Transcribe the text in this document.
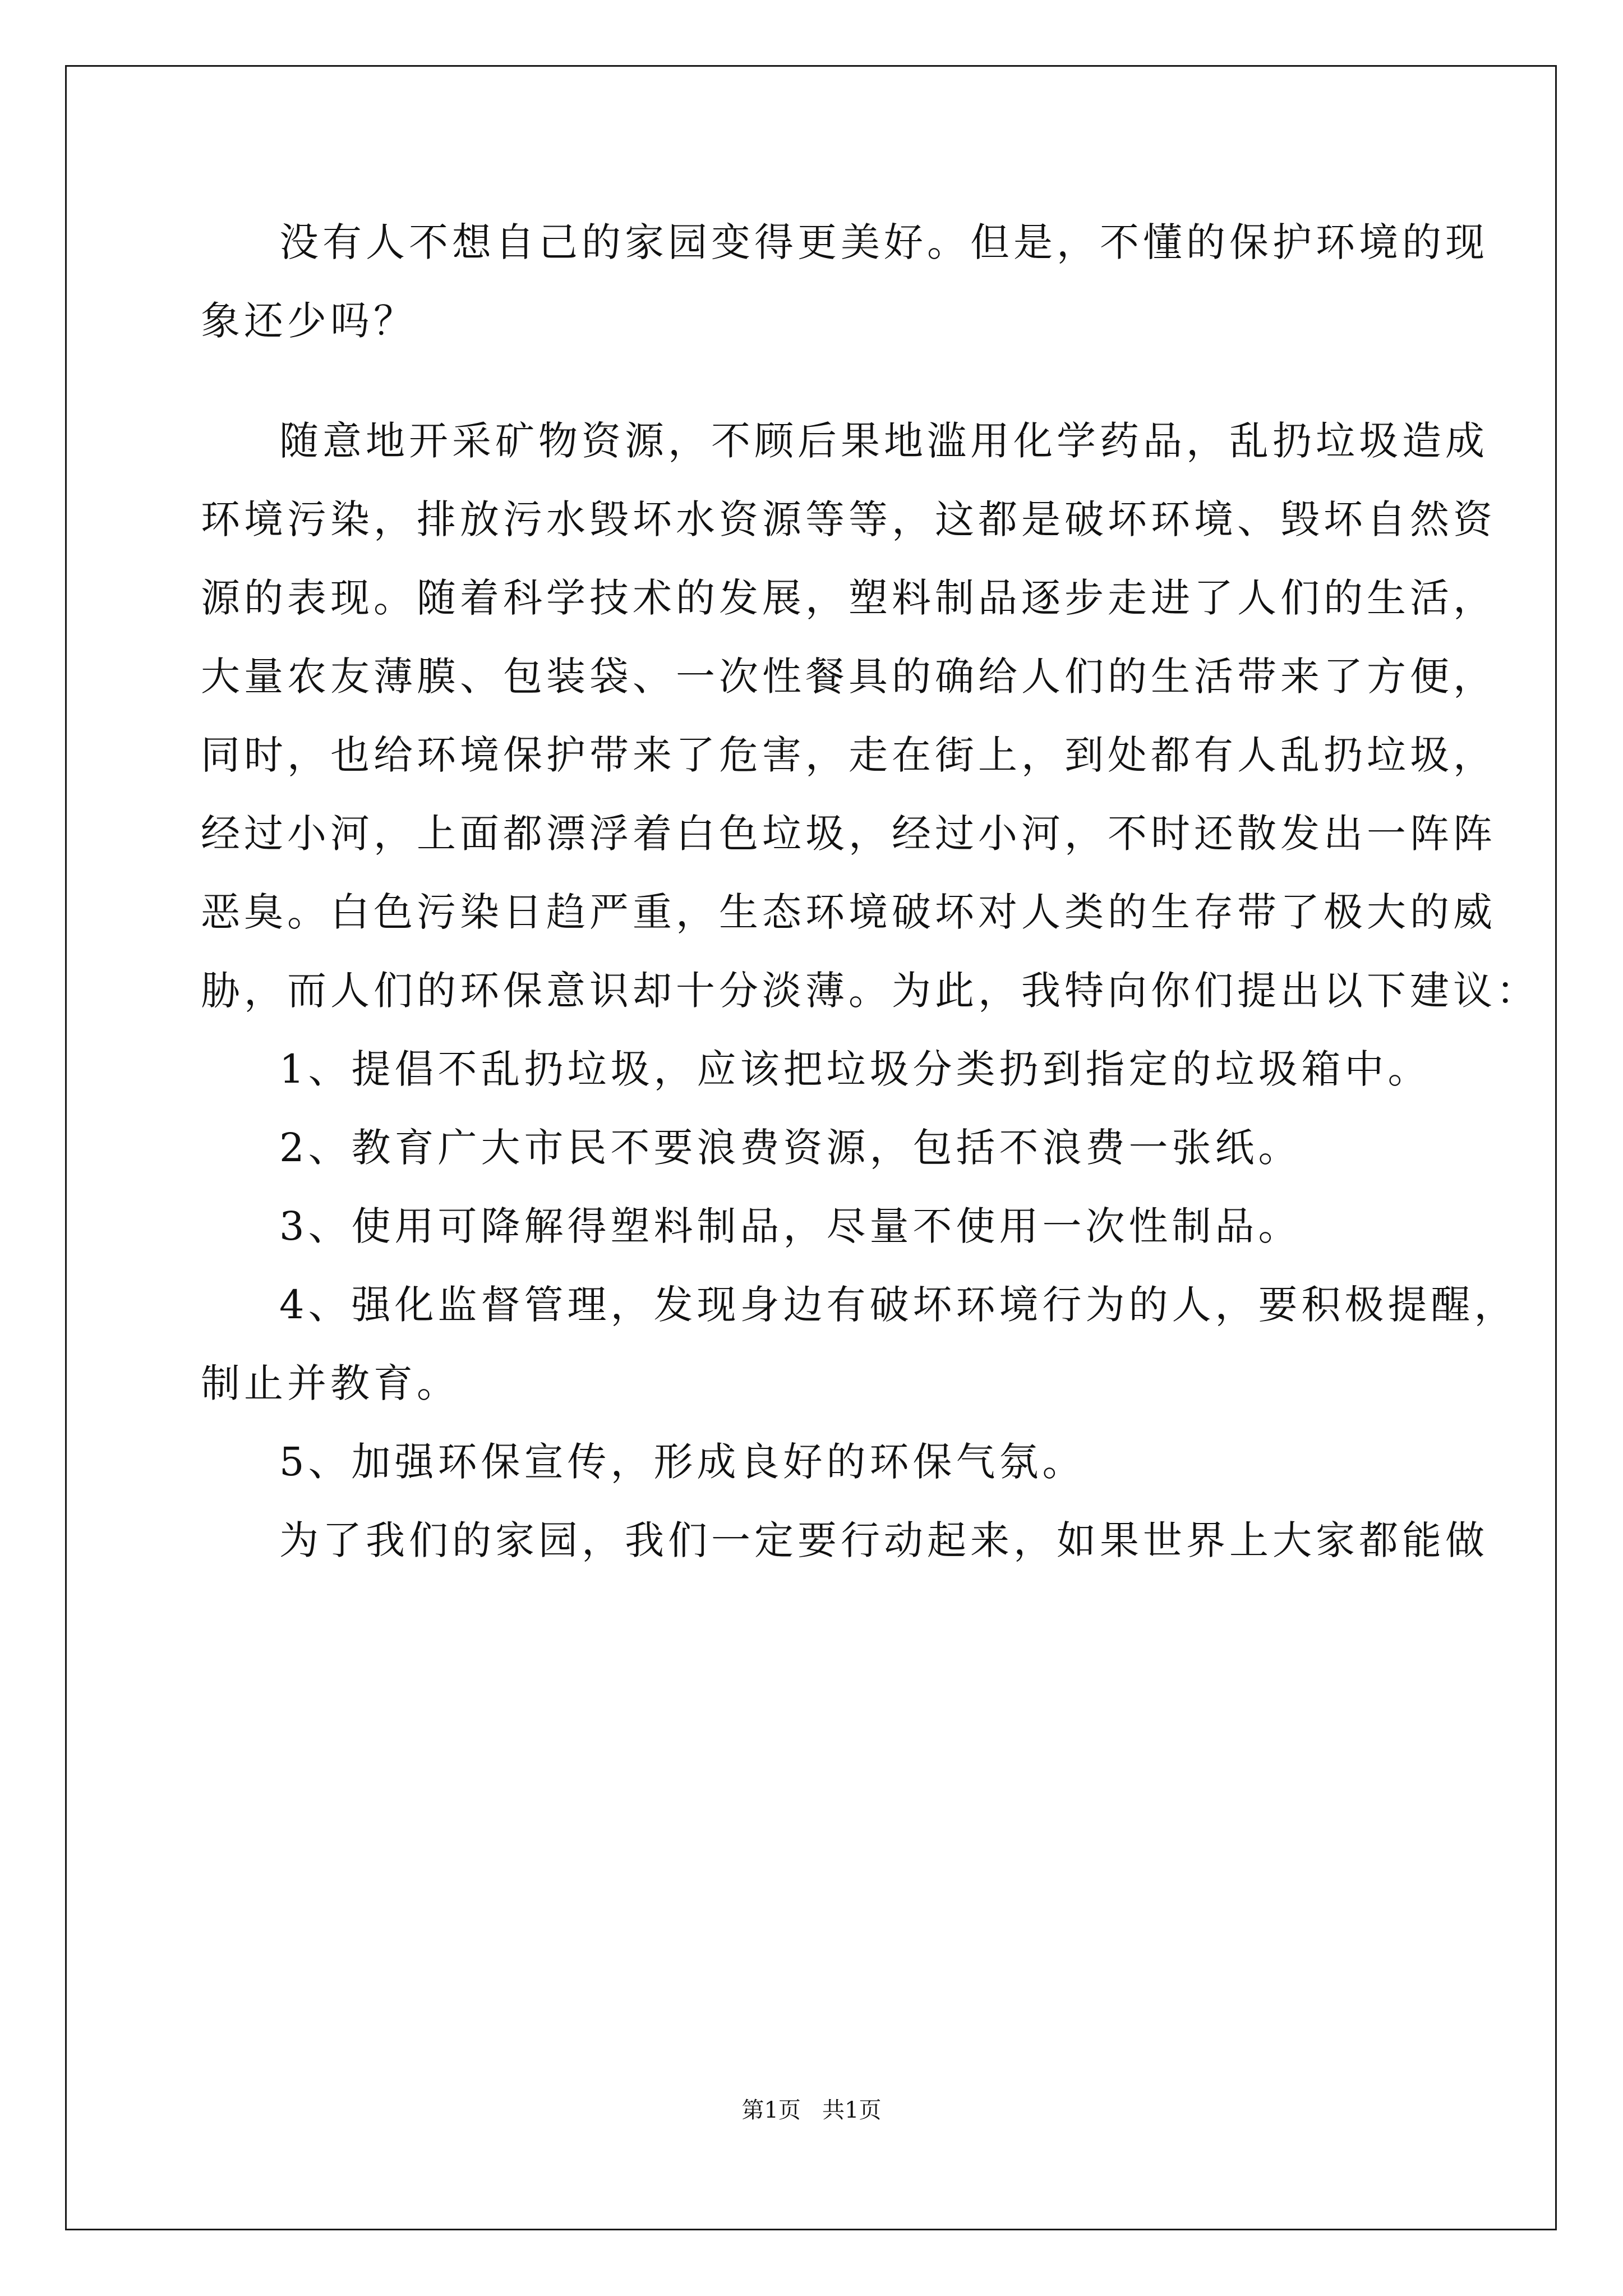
没有人不想自己的家园变得更美好。但是，不懂的保护环境的现
象还少吗？
随意地开采矿物资源，不顾后果地滥用化学药品，乱扔垃圾造成
环境污染，排放污水毁坏水资源等等，这都是破坏环境、毁坏自然资
源的表现。随着科学技术的发展，塑料制品逐步走进了人们的生活，
大量农友薄膜、包装袋、一次性餐具的确给人们的生活带来了方便，
同时，也给环境保护带来了危害，走在街上，到处都有人乱扔垃圾，
经过小河，上面都漂浮着白色垃圾，经过小河，不时还散发出一阵阵
恶臭。白色污染日趋严重，生态环境破坏对人类的生存带了极大的威
胁，而人们的环保意识却十分淡薄。为此，我特向你们提出以下建议：
1、提倡不乱扔垃圾，应该把垃圾分类扔到指定的垃圾箱中。
2、教育广大市民不要浪费资源，包括不浪费一张纸。
3、使用可降解得塑料制品，尽量不使用一次性制品。
4、强化监督管理，发现身边有破坏环境行为的人，要积极提醒，
制止并教育。
5、加强环保宣传，形成良好的环保气氛。
为了我们的家园，我们一定要行动起来，如果世界上大家都能做
第1页   共1页
